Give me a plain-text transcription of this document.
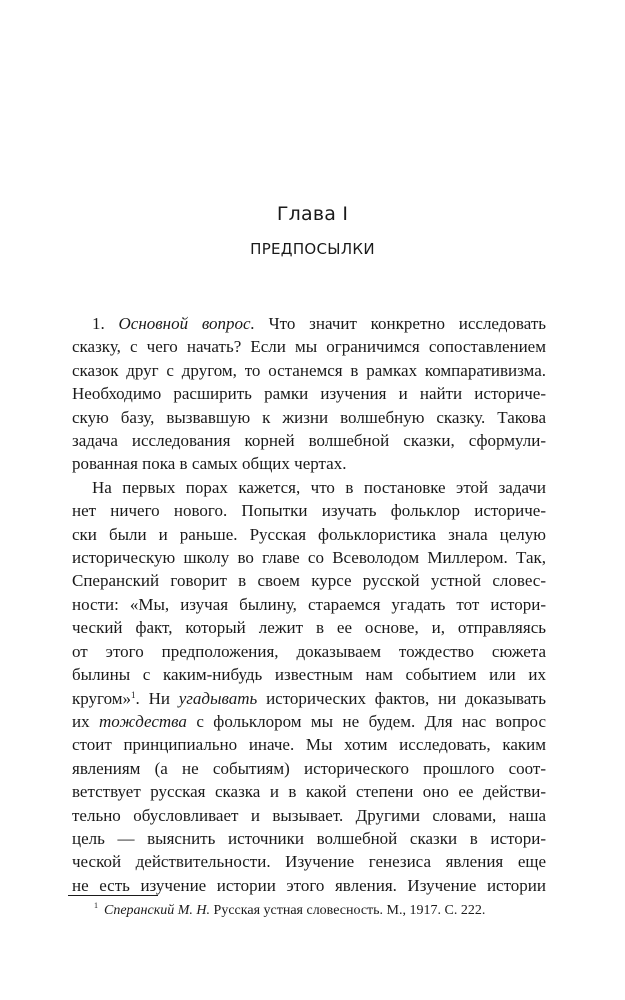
Глава I
ПРЕДПОСЫЛКИ
1. Основной вопрос. Что значит конкретно исследовать
сказку, с чего начать? Если мы ограничимся сопоставлением
сказок друг с другом, то останемся в рамках компаративизма.
Необходимо расширить рамки изучения и найти историче-
скую базу, вызвавшую к жизни волшебную сказку. Такова
задача исследования корней волшебной сказки, сформули-
рованная пока в самых общих чертах.
На первых порах кажется, что в постановке этой задачи
нет ничего нового. Попытки изучать фольклор историче-
ски были и раньше. Русская фольклористика знала целую
историческую школу во главе со Всеволодом Миллером. Так,
Сперанский говорит в своем курсе русской устной словес-
ности: «Мы, изучая былину, стараемся угадать тот истори-
ческий факт, который лежит в ее основе, и, отправляясь
от этого предположения, доказываем тождество сюжета
былины с каким-нибудь известным нам событием или их
кругом»$^1$. Ни угадывать исторических фактов, ни доказывать
их тождества с фольклором мы не будем. Для нас вопрос
стоит принципиально иначе. Мы хотим исследовать, каким
явлениям (а не событиям) исторического прошлого соот-
ветствует русская сказка и в какой степени оно ее действи-
тельно обусловливает и вызывает. Другими словами, наша
цель — выяснить источники волшебной сказки в истори-
ческой действительности. Изучение генезиса явления еще
не есть изучение истории этого явления. Изучение истории
$^1$ Сперанский М. Н. Русская устная словесность. М., 1917. С. 222.
